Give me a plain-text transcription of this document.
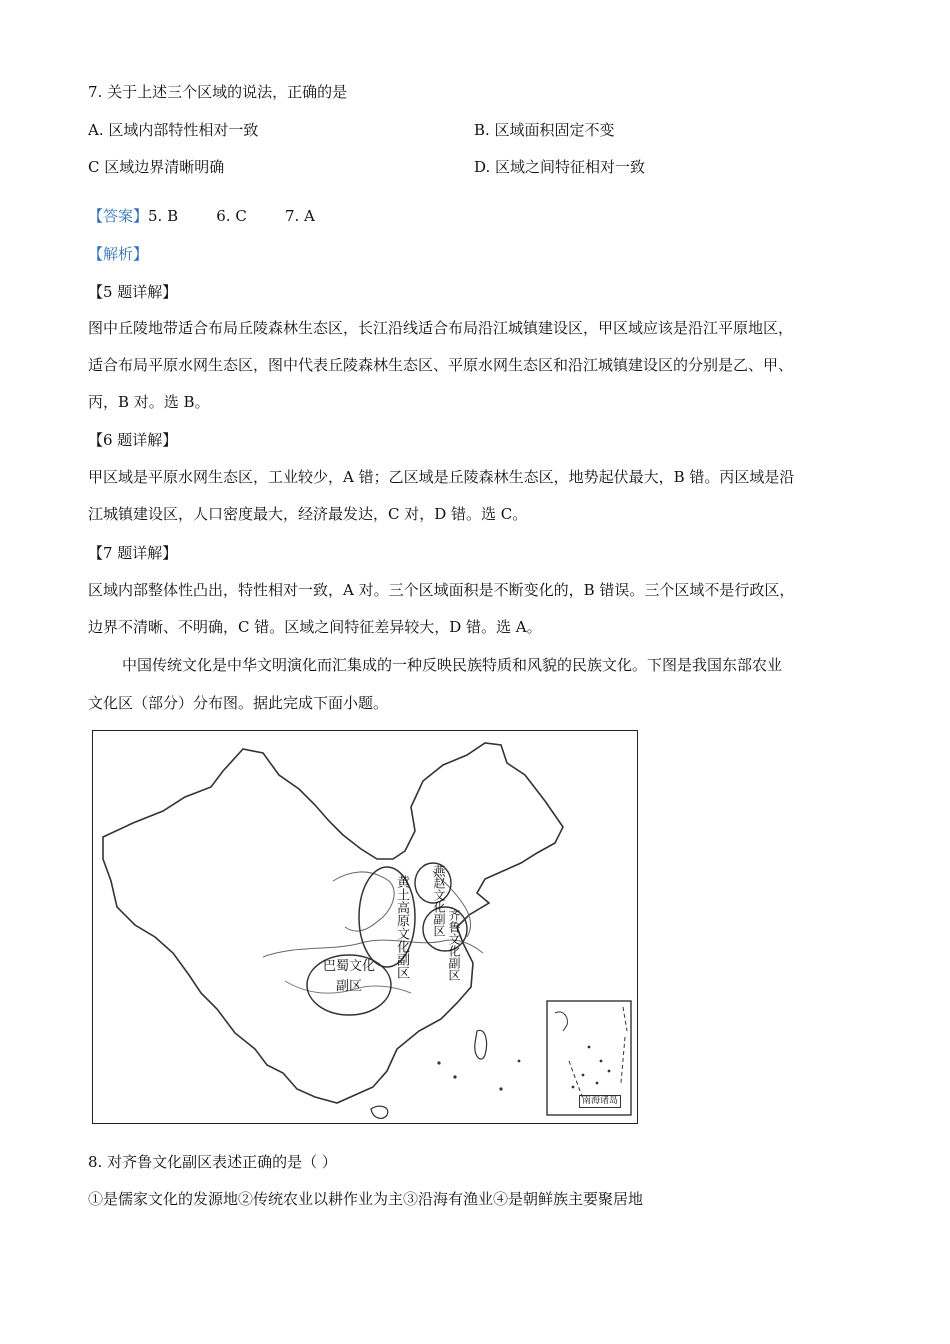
7. 关于上述三个区域的说法，正确的是
A. 区域内部特性相对一致	B. 区域面积固定不变
C 区域边界清晰明确	D. 区域之间特征相对一致
【答案】5. B        6. C        7. A
【解析】
【5 题详解】
图中丘陵地带适合布局丘陵森林生态区，长江沿线适合布局沿江城镇建设区，甲区域应该是沿江平原地区，
适合布局平原水网生态区，图中代表丘陵森林生态区、平原水网生态区和沿江城镇建设区的分别是乙、甲、
丙，B 对。选 B。
【6 题详解】
甲区域是平原水网生态区，工业较少，A 错；乙区域是丘陵森林生态区，地势起伏最大，B 错。丙区域是沿
江城镇建设区，人口密度最大，经济最发达，C 对，D 错。选 C。
【7 题详解】
区域内部整体性凸出，特性相对一致，A 对。三个区域面积是不断变化的，B 错误。三个区域不是行政区，
边界不清晰、不明确，C 错。区域之间特征差异较大，D 错。选 A。
中国传统文化是中华文明演化而汇集成的一种反映民族特质和风貌的民族文化。下图是我国东部农业
文化区（部分）分布图。据此完成下面小题。
黄土高原文化副区	燕赵文化副区
齐鲁文化副区
巴蜀文化副区
南海诸岛
8. 对齐鲁文化副区表述正确的是（ ）
①是儒家文化的发源地②传统农业以耕作业为主③沿海有渔业④是朝鲜族主要聚居地
